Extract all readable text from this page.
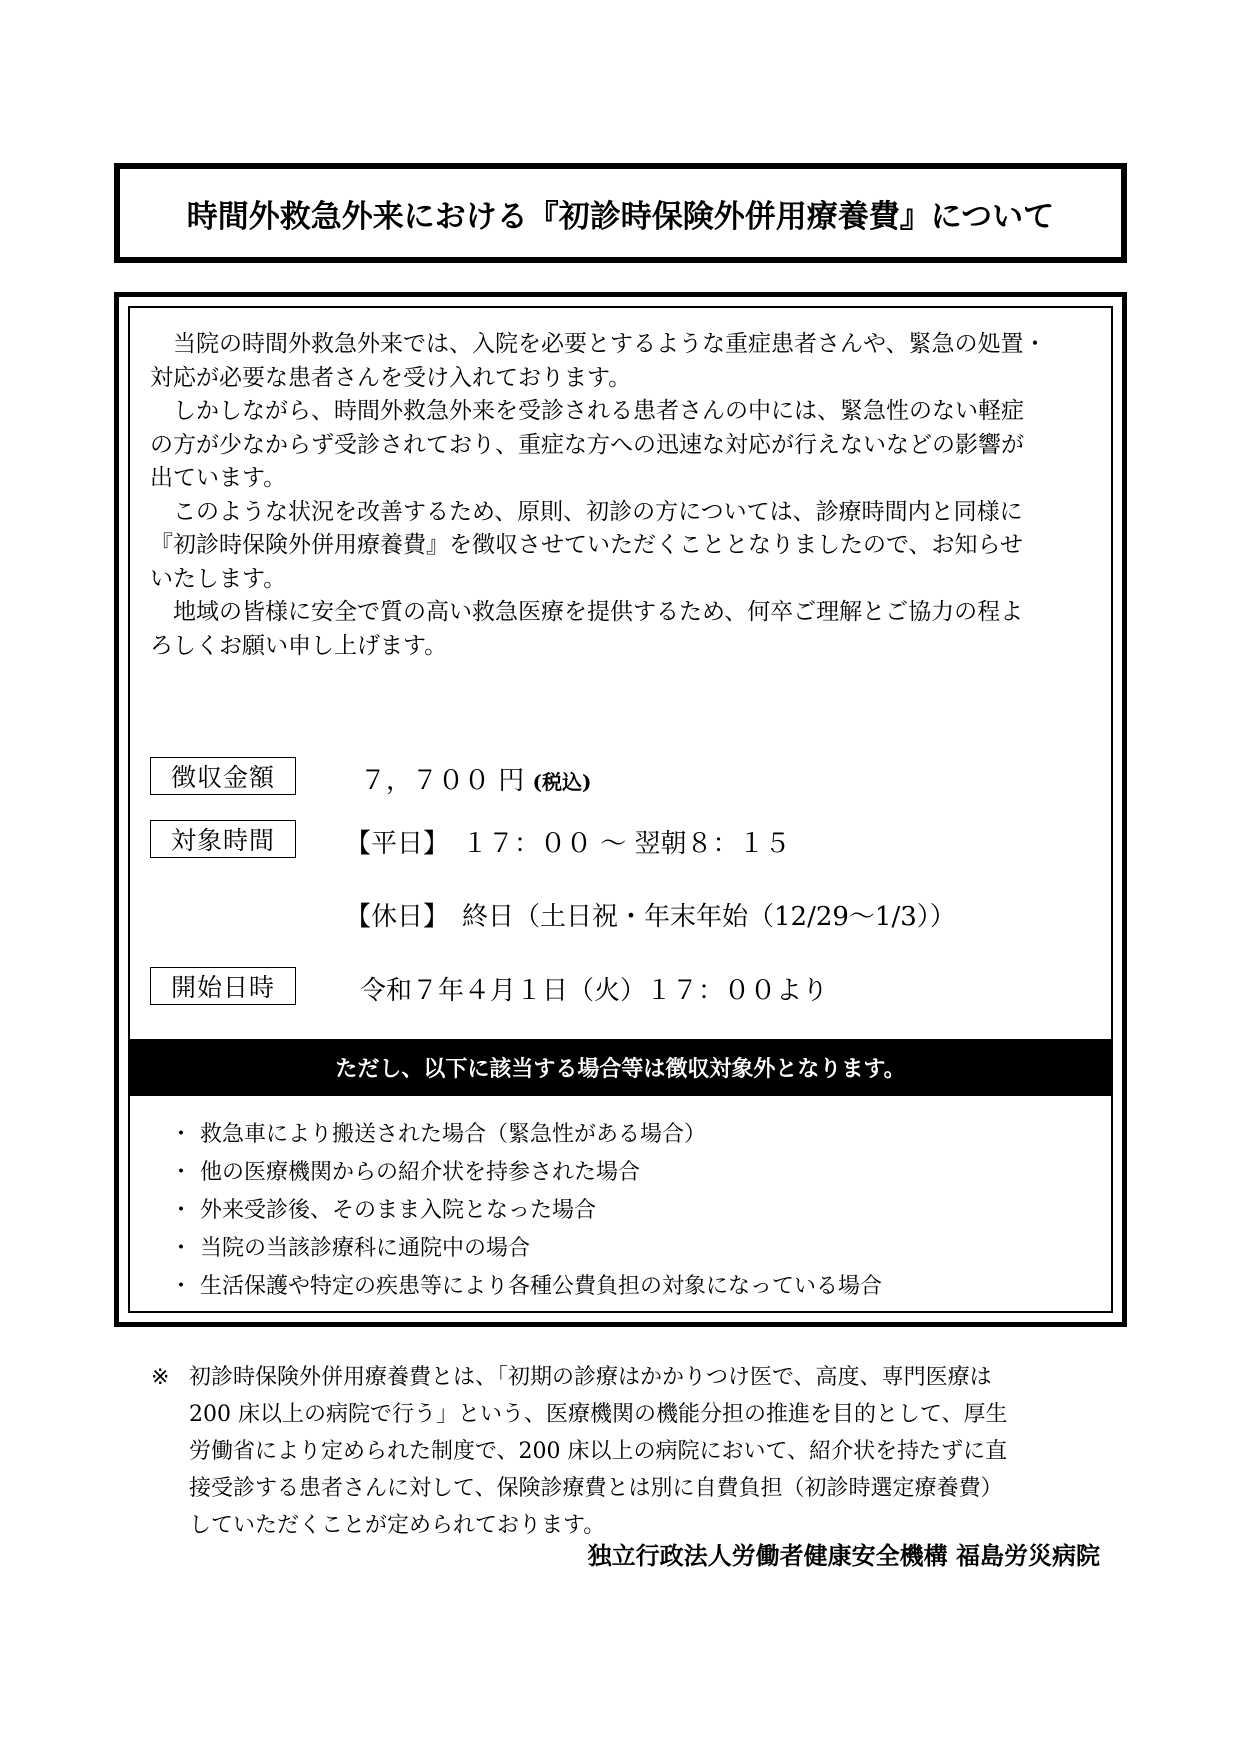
時間外救急外来における『初診時保険外併用療養費』について

当院の時間外救急外来では、入院を必要とするような重症患者さんや、緊急の処置・

対応が必要な患者さんを受け入れております。

しかしながら、時間外救急外来を受診される患者さんの中には、緊急性のない軽症

の方が少なからず受診されており、重症な方への迅速な対応が行えないなどの影響が

出ています。

このような状況を改善するため、原則、初診の方については、診療時間内と同様に

『初診時保険外併用療養費』を徴収させていただくこととなりましたので、お知らせ

いたします。

地域の皆様に安全で質の高い救急医療を提供するため、何卒ご理解とご協力の程よ

ろしくお願い申し上げます。

徴収金額	７，７００ 円 (税込)
対象時間	【平日】　１７：００ ～ 翌朝８：１５
【休日】　終日（土日祝・年末年始（12/29～1/3））
開始日時	令和７年４月１日（火）１７：００より
ただし、以下に該当する場合等は徴収対象外となります。
・ 救急車により搬送された場合（緊急性がある場合）
・ 他の医療機関からの紹介状を持参された場合
・ 外来受診後、そのまま入院となった場合
・ 当院の当該診療科に通院中の場合
・ 生活保護や特定の疾患等により各種公費負担の対象になっている場合
※ 初診時保険外併用療養費とは、「初期の診療はかかりつけ医で、高度、専門医療は
200 床以上の病院で行う」という、医療機関の機能分担の推進を目的として、厚生
労働省により定められた制度で、200 床以上の病院において、紹介状を持たずに直
接受診する患者さんに対して、保険診療費とは別に自費負担（初診時選定療養費）
していただくことが定められております。
独立行政法人労働者健康安全機構 福島労災病院
